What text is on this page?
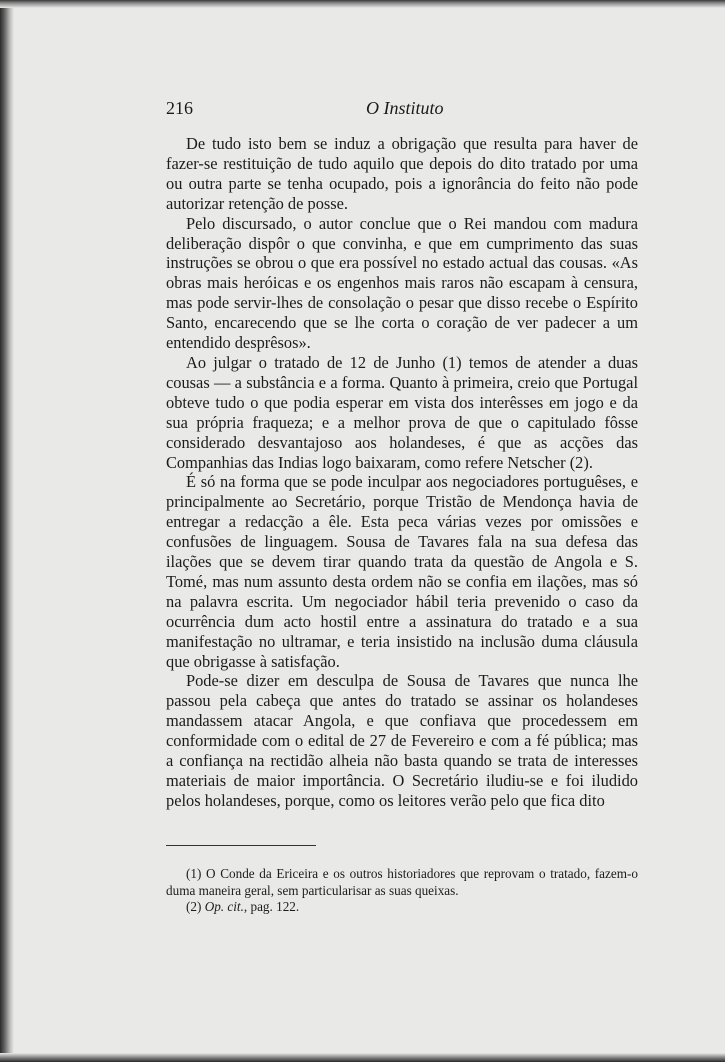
216	O Instituto

De tudo isto bem se induz a obrigação que resulta para haver de fazer-se restituição de tudo aquilo que depois do dito tratado por uma ou outra parte se tenha ocupado, pois a ignorância do feito não pode autorizar retenção de posse.

Pelo discursado, o autor conclue que o Rei mandou com madura deliberação dispôr o que convinha, e que em cumprimento das suas instruções se obrou o que era possível no estado actual das cousas. «As obras mais heróicas e os engenhos mais raros não escapam à censura, mas pode servir-lhes de consolação o pesar que disso recebe o Espírito Santo, encarecendo que se lhe corta o coração de ver padecer a um entendido desprêsos».

Ao julgar o tratado de 12 de Junho (1) temos de atender a duas cousas — a substância e a forma. Quanto à primeira, creio que Portugal obteve tudo o que podia esperar em vista dos interêsses em jogo e da sua própria fraqueza; e a melhor prova de que o capitulado fôsse considerado desvantajoso aos holandeses, é que as acções das Companhias das Indias logo baixaram, como refere Netscher (2).

É só na forma que se pode inculpar aos negociadores portuguêses, e principalmente ao Secretário, porque Tristão de Mendonça havia de entregar a redacção a êle. Esta peca várias vezes por omissões e confusões de linguagem. Sousa de Tavares fala na sua defesa das ilações que se devem tirar quando trata da questão de Angola e S. Tomé, mas num assunto desta ordem não se confia em ilações, mas só na palavra escrita. Um negociador hábil teria prevenido o caso da ocurrência dum acto hostil entre a assinatura do tratado e a sua manifestação no ultramar, e teria insistido na inclusão duma cláusula que obrigasse à satisfação.

Pode-se dizer em desculpa de Sousa de Tavares que nunca lhe passou pela cabeça que antes do tratado se assinar os holandeses mandassem atacar Angola, e que confiava que procedessem em conformidade com o edital de 27 de Fevereiro e com a fé pública; mas a confiança na rectidão alheia não basta quando se trata de interesses materiais de maior importância. O Secretário iludiu-se e foi iludido pelos holandeses, porque, como os leitores verão pelo que fica dito

(1) O Conde da Ericeira e os outros historiadores que reprovam o tratado, fazem-o duma maneira geral, sem particularisar as suas queixas.

(2) Op. cit., pag. 122.
